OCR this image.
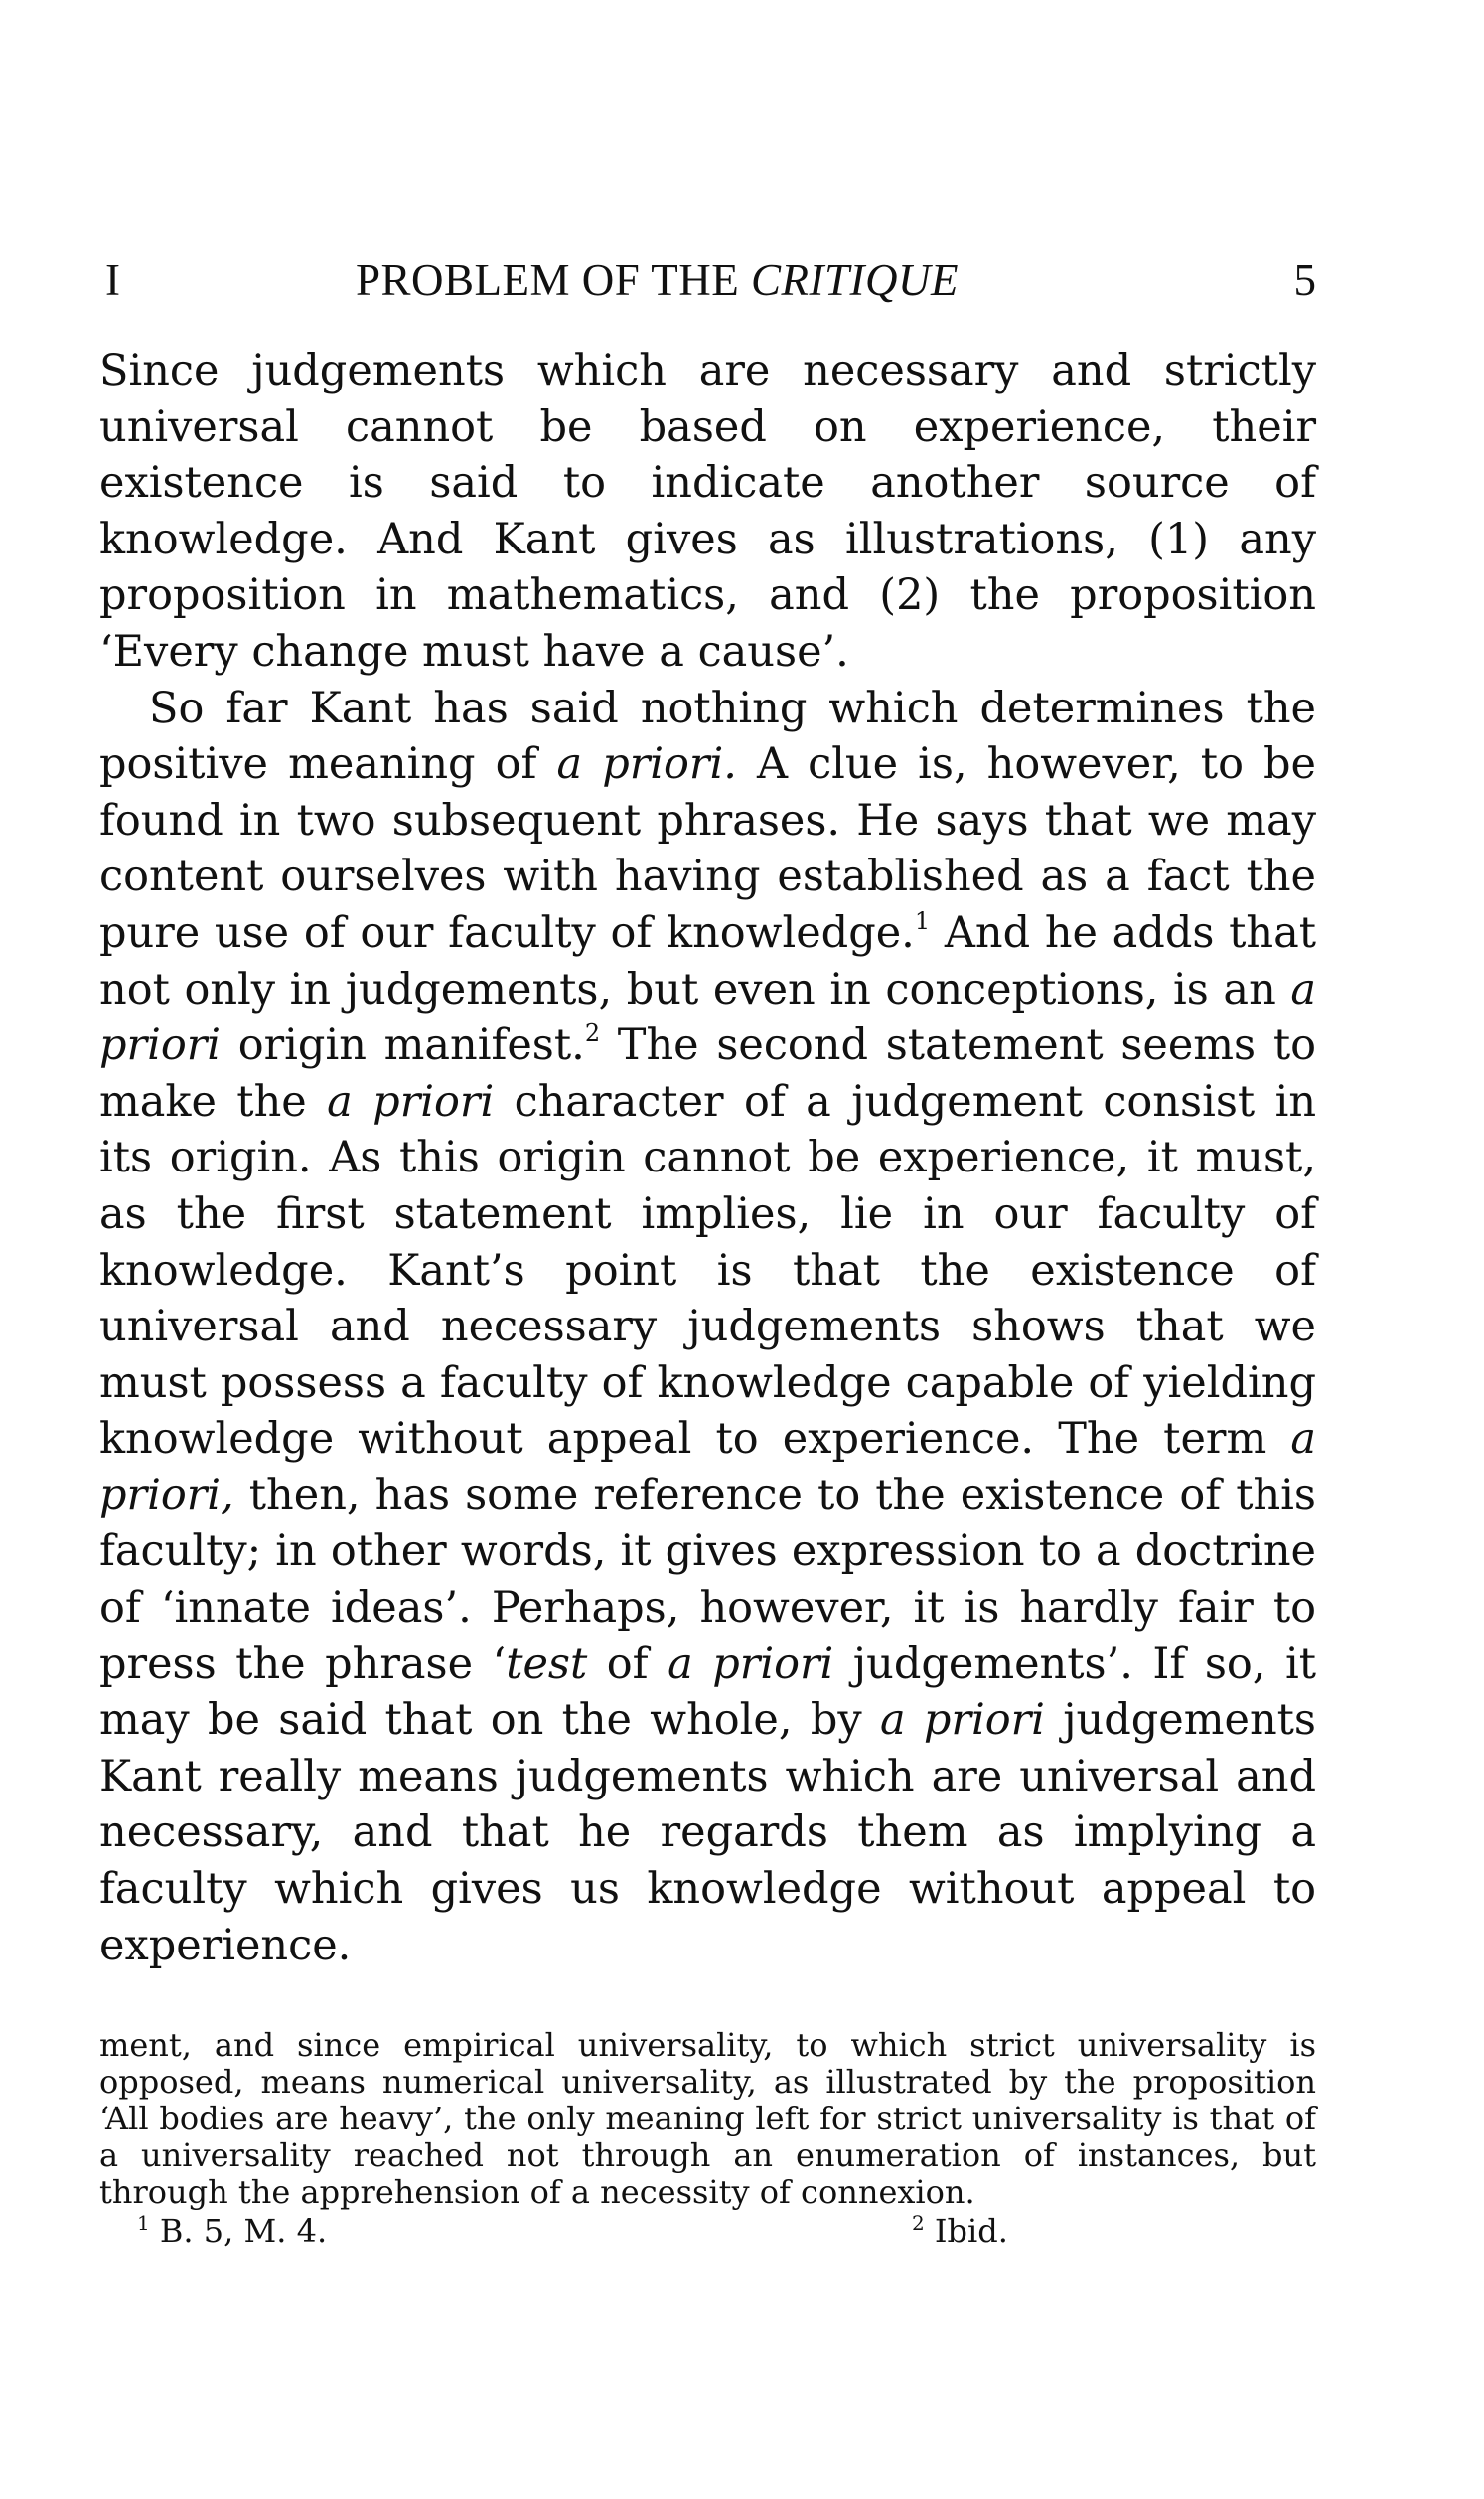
I	PROBLEM OF THE CRITIQUE	5

Since judgements which are necessary and strictly universal cannot be based on experience, their existence is said to indicate another source of knowledge. And Kant gives as illustrations, (1) any proposition in mathematics, and (2) the proposition ‘Every change must have a cause’.

So far Kant has said nothing which determines the positive meaning of a priori. A clue is, however, to be found in two subsequent phrases. He says that we may content ourselves with having established as a fact the pure use of our faculty of knowledge.$^1$ And he adds that not only in judgements, but even in conceptions, is an a priori origin manifest.$^2$ The second statement seems to make the a priori character of a judgement consist in its origin. As this origin cannot be experience, it must, as the first statement implies, lie in our faculty of knowledge. Kant’s point is that the existence of universal and necessary judgements shows that we must possess a faculty of knowledge capable of yielding knowledge without appeal to experience. The term a priori, then, has some reference to the existence of this faculty; in other words, it gives expression to a doctrine of ‘innate ideas’. Perhaps, however, it is hardly fair to press the phrase ‘test of a priori judgements’. If so, it may be said that on the whole, by a priori judgements Kant really means judgements which are universal and necessary, and that he regards them as implying a faculty which gives us knowledge without appeal to experience.

ment, and since empirical universality, to which strict universality is opposed, means numerical universality, as illustrated by the proposition ‘All bodies are heavy’, the only meaning left for strict universality is that of a universality reached not through an enumeration of instances, but through the apprehension of a necessity of connexion.

$^1$ B. 5, M. 4.	$^2$ Ibid.
